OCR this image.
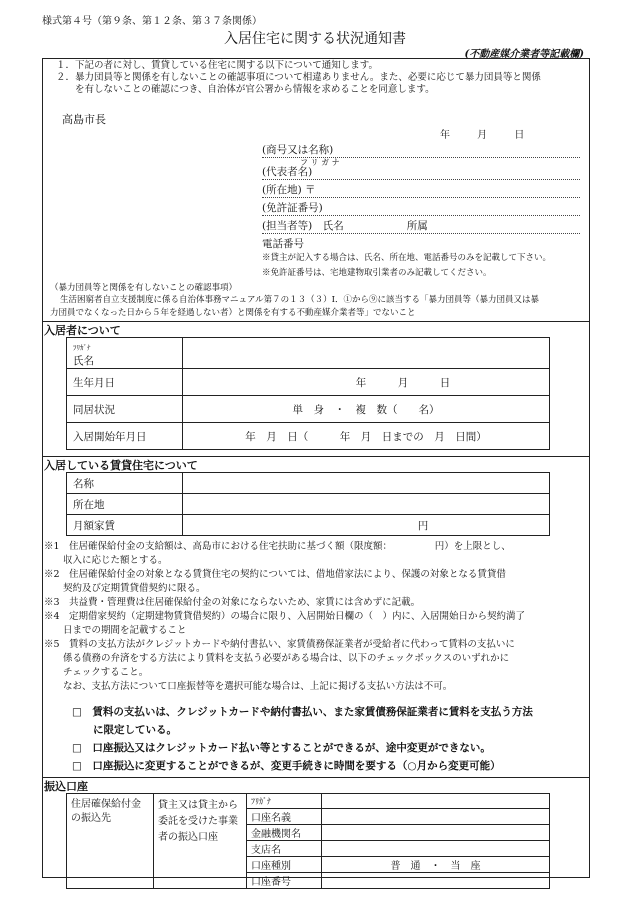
様式第４号（第９条、第１２条、第３７条関係）
入居住宅に関する状況通知書
(不動産媒介業者等記載欄)
１．下記の者に対し、賃貸している住宅に関する以下について通知します。
２．暴力団員等と関係を有しないことの確認事項について相違ありません。また、必要に応じて暴力団員等と関係
　　を有しないことの確認につき、自治体が官公署から情報を求めることを同意します。
高島市長
年 月 日
(商号又は名称)
フ リ ガ ナ
(代表者名)
(所在地) 〒
(免許証番号)
(担当者等)　氏名　　　　　　所属
電話番号
※貸主が記入する場合は、氏名、所在地、電話番号のみを記載して下さい。
※免許証番号は、宅地建物取引業者のみ記載してください。
（暴力団員等と関係を有しないことの確認事項）
生活困窮者自立支援制度に係る自治体事務マニュアル第７の１３（３）Ⅰ．①から⑨に該当する「暴力団員等（暴力団員又は暴
力団員でなくなった日から５年を経過しない者）と関係を有する不動産媒介業者等」でないこと
入居者について
ﾌﾘｶﾞﾅ
氏名	
生年月日	年　　　月　　　日
同居状況	単　身　・　複　数（　　名）
入居開始年月日	年　月　日（　　　年　月　日までの　月　日間）
入居している賃貸住宅について
名称	
所在地	
月額家賃	円
※1　住居確保給付金の支給額は、高島市における住宅扶助に基づく額（限度額：　　　　　円）を上限とし、
　　収入に応じた額とする。
※2　住居確保給付金の対象となる賃貸住宅の契約については、借地借家法により、保護の対象となる賃貸借
　　契約及び定期賃貸借契約に限る。
※3　共益費・管理費は住居確保給付金の対象にならないため、家賃には含めずに記載。
※4　定期借家契約（定期建物賃貸借契約）の場合に限り、入居開始日欄の（　）内に、入居開始日から契約満了
　　日までの期間を記載すること
※5　賃料の支払方法がクレジットカードや納付書払い、家賃債務保証業者が受給者に代わって賃料の支払いに
　　係る債務の弁済をする方法により賃料を支払う必要がある場合は、以下のチェックボックスのいずれかに
　　チェックすること。
　　なお、支払方法について口座振替等を選択可能な場合は、上記に掲げる支払い方法は不可。
□　賃料の支払いは、クレジットカードや納付書払い、また家賃債務保証業者に賃料を支払う方法
　　に限定している。
□　口座振込又はクレジットカード払い等とすることができるが、途中変更ができない。
□　口座振込に変更することができるが、変更手続きに時間を要する（○月から変更可能）
振込口座
住居確保給付金の振込先	貸主又は貸主から委託を受けた事業者の振込口座	ﾌﾘｶﾞﾅ	
		口座名義	
		金融機関名	
		支店名	
		口座種別	普　通　・　当　座
		口座番号	
